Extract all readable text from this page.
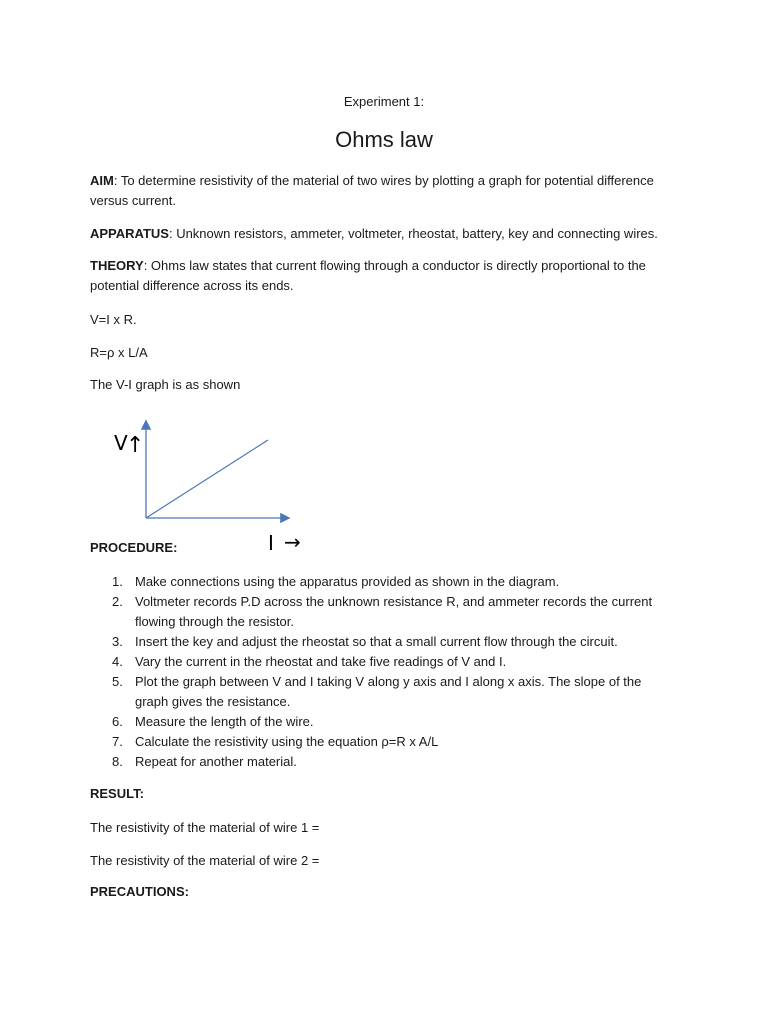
Experiment 1:
Ohms law

AIM: To determine resistivity of the material of two wires by plotting a graph for potential difference versus current.

APPARATUS: Unknown resistors, ammeter, voltmeter, rheostat, battery, key and connecting wires.

THEORY: Ohms law states that current flowing through a conductor is directly proportional to the potential difference across its ends.

V=I x R.

R=ρ x L/A

The V-I graph is as shown

V
↑
I →

PROCEDURE:

1. Make connections using the apparatus provided as shown in the diagram.
2. Voltmeter records P.D across the unknown resistance R, and ammeter records the current flowing through the resistor.
3. Insert the key and adjust the rheostat so that a small current flow through the circuit.
4. Vary the current in the rheostat and take five readings of V and I.
5. Plot the graph between V and I taking V along y axis and I along x axis. The slope of the graph gives the resistance.
6. Measure the length of the wire.
7. Calculate the resistivity using the equation ρ=R x A/L
8. Repeat for another material.

RESULT:

The resistivity of the material of wire 1 =

The resistivity of the material of wire 2 =

PRECAUTIONS:
